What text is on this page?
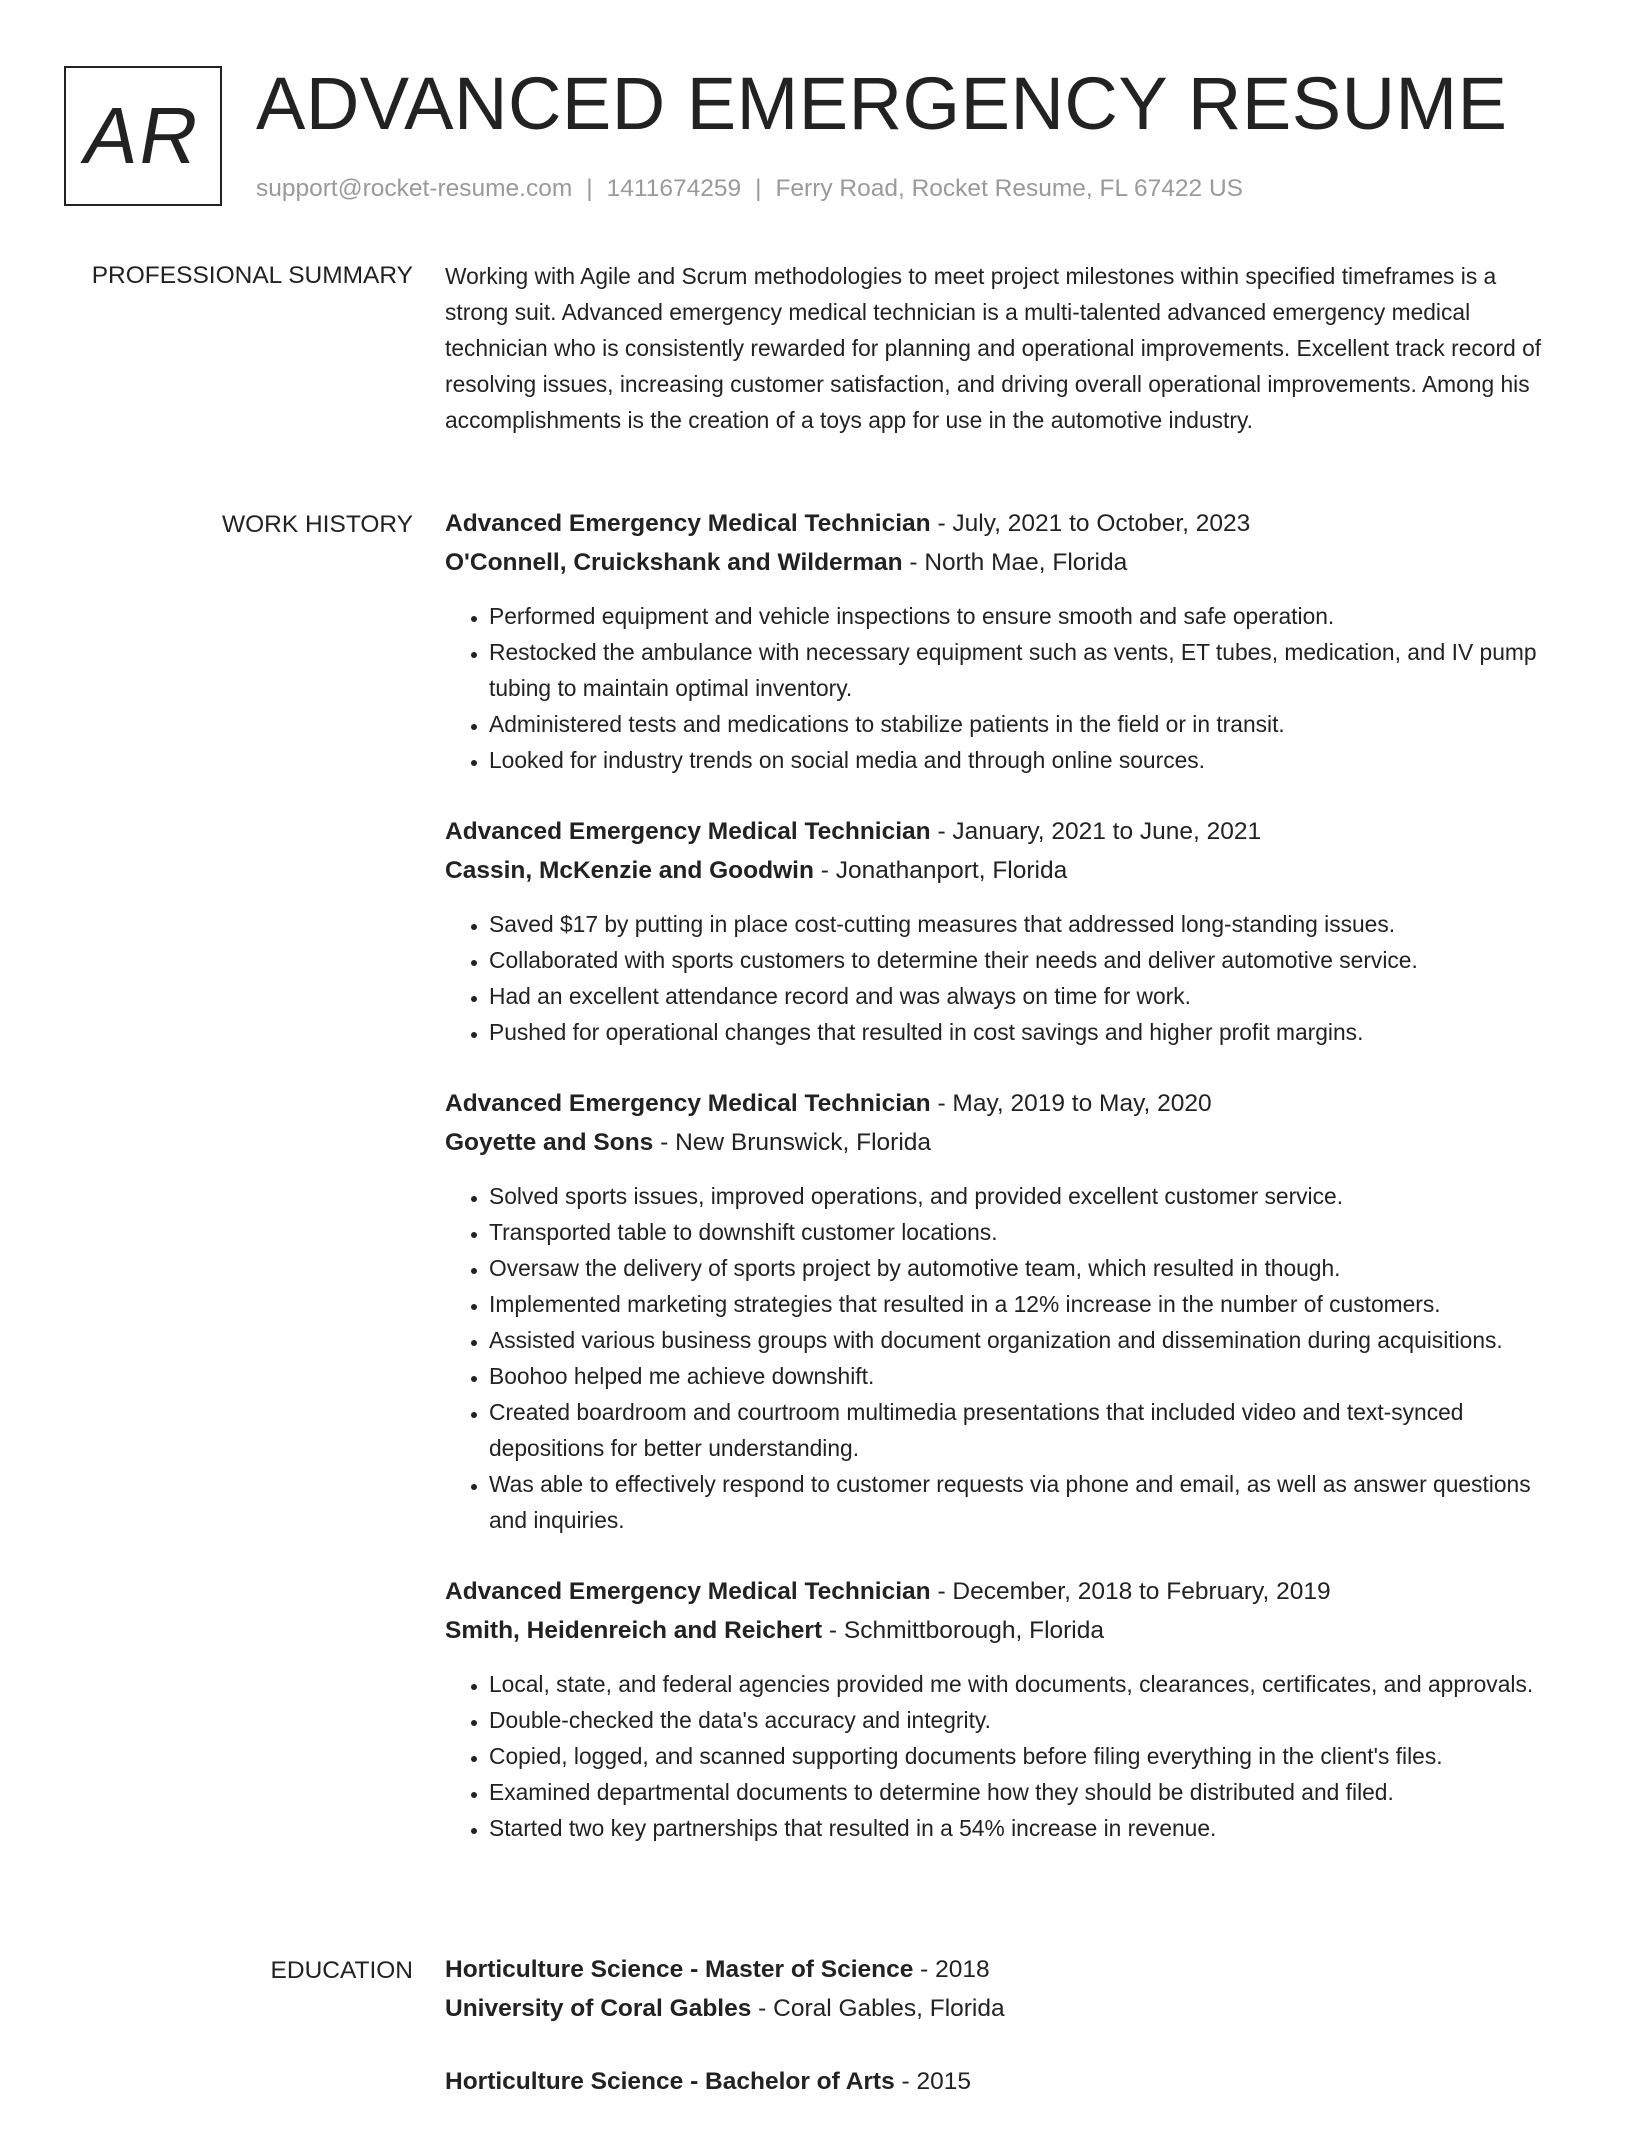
AR ADVANCED EMERGENCY RESUME
support@rocket-resume.com | 1411674259 | Ferry Road, Rocket Resume, FL 67422 US
PROFESSIONAL SUMMARY Working with Agile and Scrum methodologies to meet project milestones within specified timeframes is a strong suit. Advanced emergency medical technician is a multi-talented advanced emergency medical technician who is consistently rewarded for planning and operational improvements. Excellent track record of resolving issues, increasing customer satisfaction, and driving overall operational improvements. Among his accomplishments is the creation of a toys app for use in the automotive industry.

WORK HISTORY Advanced Emergency Medical Technician - July, 2021 to October, 2023
O'Connell, Cruickshank and Wilderman - North Mae, Florida
• Performed equipment and vehicle inspections to ensure smooth and safe operation.
• Restocked the ambulance with necessary equipment such as vents, ET tubes, medication, and IV pump tubing to maintain optimal inventory.
• Administered tests and medications to stabilize patients in the field or in transit.
• Looked for industry trends on social media and through online sources.
Advanced Emergency Medical Technician - January, 2021 to June, 2021
Cassin, McKenzie and Goodwin - Jonathanport, Florida
• Saved $17 by putting in place cost-cutting measures that addressed long-standing issues.
• Collaborated with sports customers to determine their needs and deliver automotive service.
• Had an excellent attendance record and was always on time for work.
• Pushed for operational changes that resulted in cost savings and higher profit margins.
Advanced Emergency Medical Technician - May, 2019 to May, 2020
Goyette and Sons - New Brunswick, Florida
• Solved sports issues, improved operations, and provided excellent customer service.
• Transported table to downshift customer locations.
• Oversaw the delivery of sports project by automotive team, which resulted in though.
• Implemented marketing strategies that resulted in a 12% increase in the number of customers.
• Assisted various business groups with document organization and dissemination during acquisitions.
• Boohoo helped me achieve downshift.
• Created boardroom and courtroom multimedia presentations that included video and text-synced depositions for better understanding.
• Was able to effectively respond to customer requests via phone and email, as well as answer questions and inquiries.
Advanced Emergency Medical Technician - December, 2018 to February, 2019
Smith, Heidenreich and Reichert - Schmittborough, Florida
• Local, state, and federal agencies provided me with documents, clearances, certificates, and approvals.
• Double-checked the data's accuracy and integrity.
• Copied, logged, and scanned supporting documents before filing everything in the client's files.
• Examined departmental documents to determine how they should be distributed and filed.
• Started two key partnerships that resulted in a 54% increase in revenue.
EDUCATION Horticulture Science - Master of Science - 2018
University of Coral Gables - Coral Gables, Florida
Horticulture Science - Bachelor of Arts - 2015
